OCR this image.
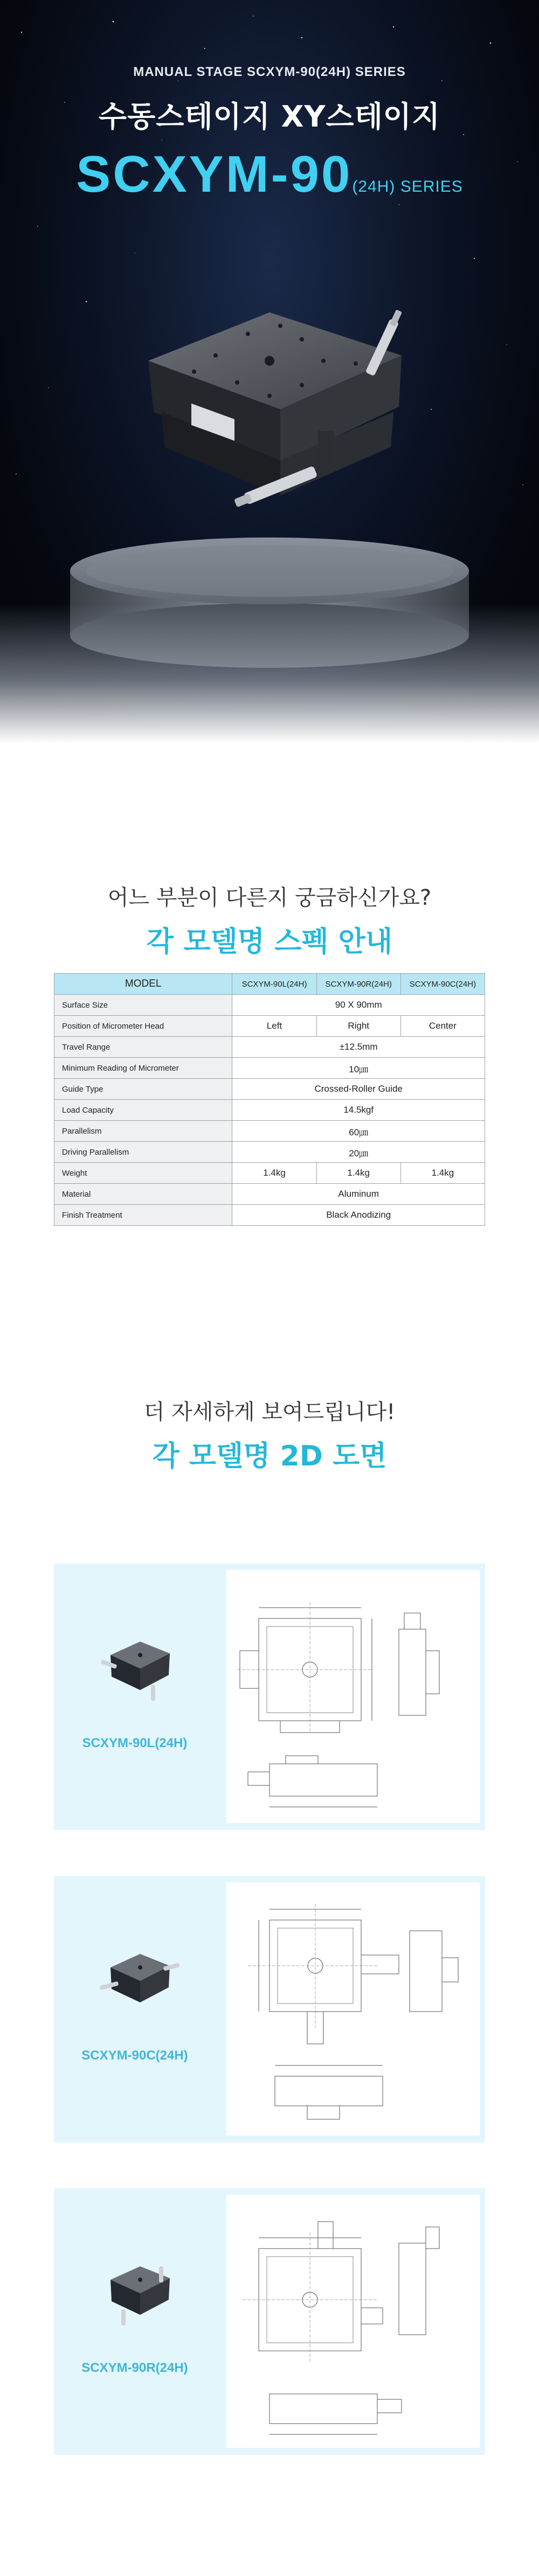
MANUAL STAGE SCXYM-90(24H) SERIES
수동스테이지 XY스테이지
SCXYM-90(24H) SERIES
어느 부분이 다른지 궁금하신가요?
각 모델명 스펙 안내
MODEL	SCXYM-90L(24H)	SCXYM-90R(24H)	SCXYM-90C(24H)
Surface Size	90 X 90mm		
Position of Micrometer Head	Left	Right	Center
Travel Range	±12.5mm		
Minimum Reading of Micrometer	10㎛		
Guide Type	Crossed-Roller Guide		
Load Capacity	14.5kgf		
Parallelism	60㎛		
Driving Parallelism	20㎛		
Weight	1.4kg	1.4kg	1.4kg
Material	Aluminum		
Finish Treatment	Black Anodizing		
더 자세하게 보여드립니다!
각 모델명 2D 도면
SCXYM-90L(24H)
SCXYM-90C(24H)
SCXYM-90R(24H)
